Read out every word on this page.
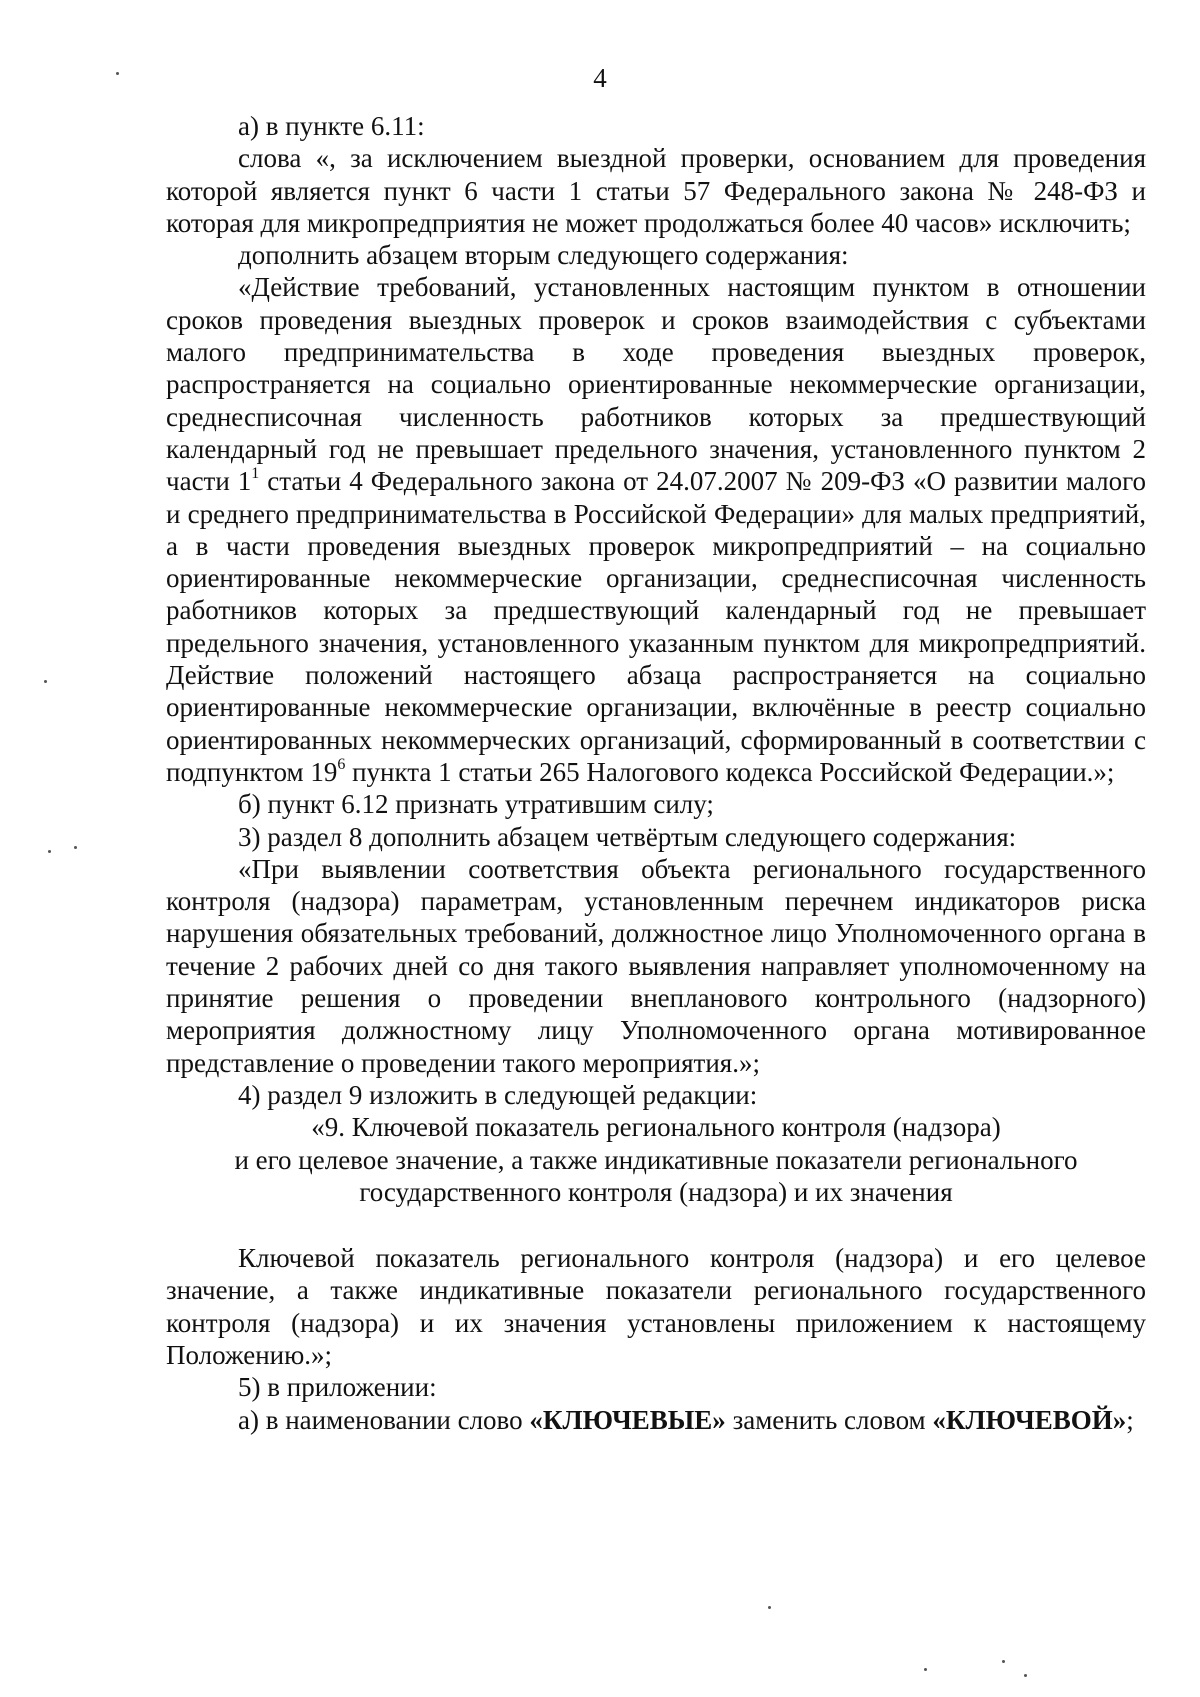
4

а) в пункте 6.11:

слова «, за исключением выездной проверки, основанием для проведения которой является пункт 6 части 1 статьи 57 Федерального закона № 248-ФЗ и которая для микропредприятия не может продолжаться более 40 часов» исключить;

дополнить абзацем вторым следующего содержания:

«Действие требований, установленных настоящим пунктом в отношении сроков проведения выездных проверок и сроков взаимодействия с субъектами малого предпринимательства в ходе проведения выездных проверок, распространяется на социально ориентированные некоммерческие организации, среднесписочная численность работников которых за предшествующий календарный год не превышает предельного значения, установленного пунктом 2 части $1^1$ статьи 4 Федерального закона от 24.07.2007 № 209-ФЗ «О развитии малого и среднего предпринимательства в Российской Федерации» для малых предприятий, а в части проведения выездных проверок микропредприятий – на социально ориентированные некоммерческие организации, среднесписочная численность работников которых за предшествующий календарный год не превышает предельного значения, установленного указанным пунктом для микропредприятий. Действие положений настоящего абзаца распространяется на социально ориентированные некоммерческие организации, включённые в реестр социально ориентированных некоммерческих организаций, сформированный в соответствии с подпунктом $19^6$ пункта 1 статьи 265 Налогового кодекса Российской Федерации.»;

б) пункт 6.12 признать утратившим силу;

3) раздел 8 дополнить абзацем четвёртым следующего содержания:

«При выявлении соответствия объекта регионального государственного контроля (надзора) параметрам, установленным перечнем индикаторов риска нарушения обязательных требований, должностное лицо Уполномоченного органа в течение 2 рабочих дней со дня такого выявления направляет уполномоченному на принятие решения о проведении внепланового контрольного (надзорного) мероприятия должностному лицу Уполномоченного органа мотивированное представление о проведении такого мероприятия.»;

4) раздел 9 изложить в следующей редакции:

«9. Ключевой показатель регионального контроля (надзора)
и его целевое значение, а также индикативные показатели регионального
государственного контроля (надзора) и их значения

Ключевой показатель регионального контроля (надзора) и его целевое значение, а также индикативные показатели регионального государственного контроля (надзора) и их значения установлены приложением к настоящему Положению.»;

5) в приложении:

а) в наименовании слово «КЛЮЧЕВЫЕ» заменить словом «КЛЮЧЕВОЙ»;
